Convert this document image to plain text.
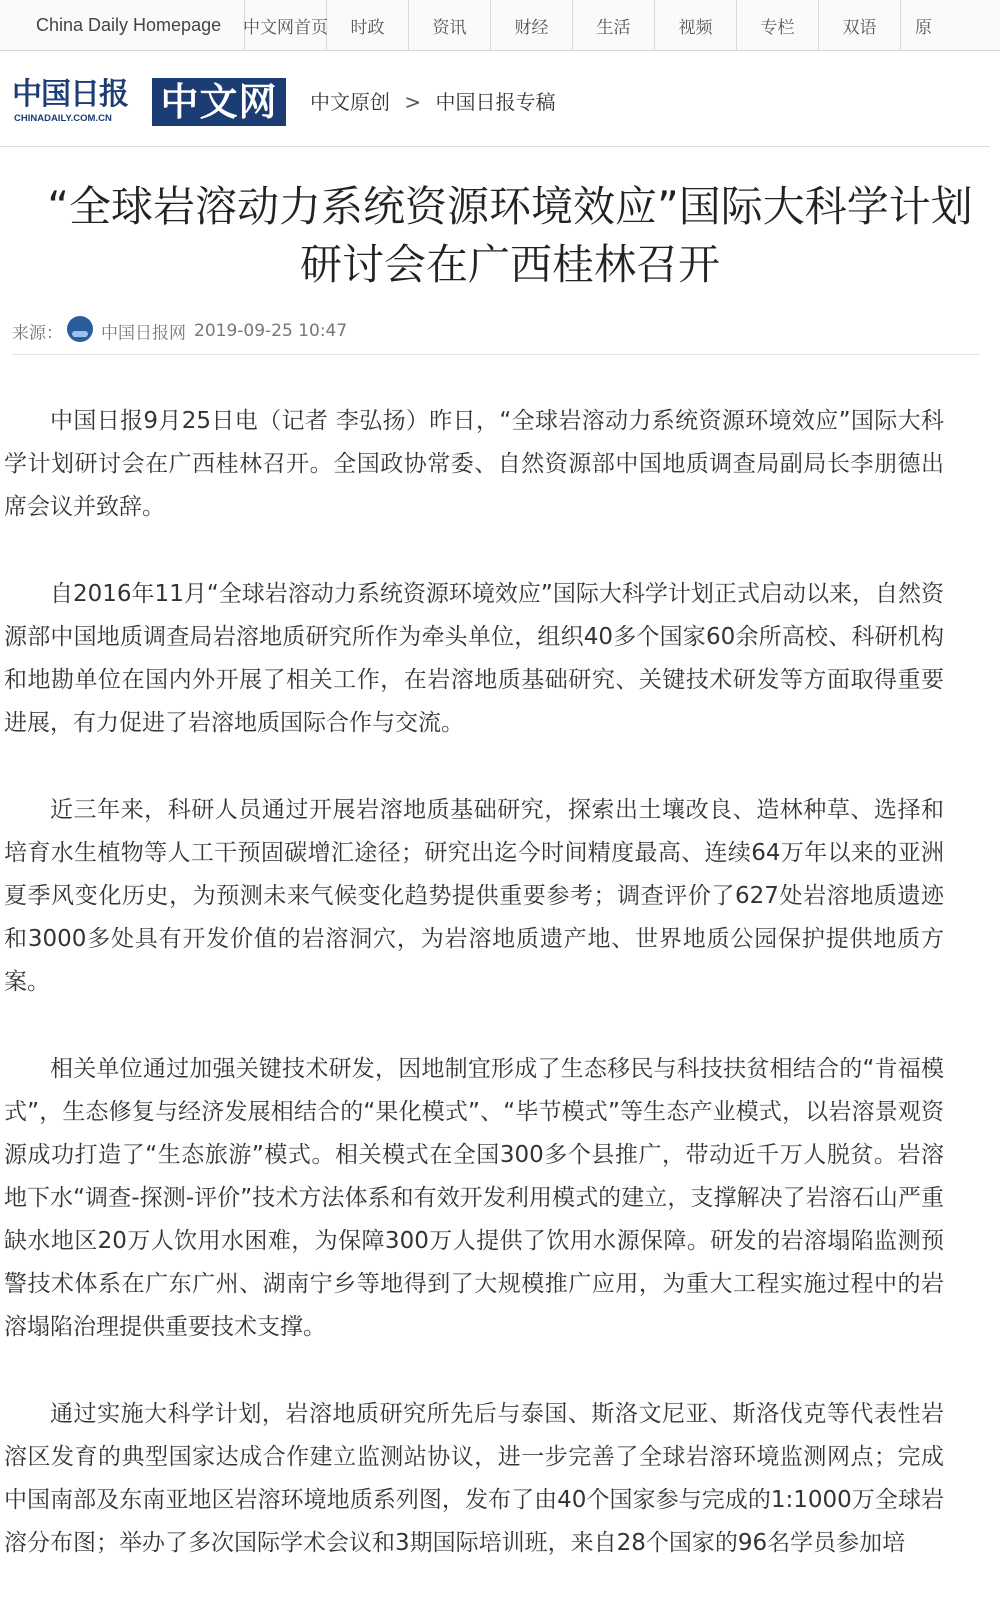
China Daily Homepage	中文网首页	时政	资讯	财经	生活	视频	专栏	双语	原
中国日报
CHINADAILY.COM.CN 中文网	中文原创 > 中国日报专稿
“全球岩溶动力系统资源环境效应”国际大科学计划研讨会在广西桂林召开
来源： 中国日报网 2019-09-25 10:47

中国日报9月25日电（记者 李弘扬）昨日，“全球岩溶动力系统资源环境效应”国际大科学计划研讨会在广西桂林召开。全国政协常委、自然资源部中国地质调查局副局长李朋德出席会议并致辞。

自2016年11月“全球岩溶动力系统资源环境效应”国际大科学计划正式启动以来，自然资源部中国地质调查局岩溶地质研究所作为牵头单位，组织40多个国家60余所高校、科研机构和地勘单位在国内外开展了相关工作，在岩溶地质基础研究、关键技术研发等方面取得重要进展，有力促进了岩溶地质国际合作与交流。

近三年来，科研人员通过开展岩溶地质基础研究，探索出土壤改良、造林种草、选择和培育水生植物等人工干预固碳增汇途径；研究出迄今时间精度最高、连续64万年以来的亚洲夏季风变化历史，为预测未来气候变化趋势提供重要参考；调查评价了627处岩溶地质遗迹和3000多处具有开发价值的岩溶洞穴，为岩溶地质遗产地、世界地质公园保护提供地质方案。

相关单位通过加强关键技术研发，因地制宜形成了生态移民与科技扶贫相结合的“肯福模式”，生态修复与经济发展相结合的“果化模式”、“毕节模式”等生态产业模式，以岩溶景观资源成功打造了“生态旅游”模式。相关模式在全国300多个县推广，带动近千万人脱贫。岩溶地下水“调查-探测-评价”技术方法体系和有效开发利用模式的建立，支撑解决了岩溶石山严重缺水地区20万人饮用水困难，为保障300万人提供了饮用水源保障。研发的岩溶塌陷监测预警技术体系在广东广州、湖南宁乡等地得到了大规模推广应用，为重大工程实施过程中的岩溶塌陷治理提供重要技术支撑。

通过实施大科学计划，岩溶地质研究所先后与泰国、斯洛文尼亚、斯洛伐克等代表性岩溶区发育的典型国家达成合作建立监测站协议，进一步完善了全球岩溶环境监测网点；完成中国南部及东南亚地区岩溶环境地质系列图，发布了由40个国家参与完成的1:1000万全球岩溶分布图；举办了多次国际学术会议和3期国际培训班，来自28个国家的96名学员参加培
